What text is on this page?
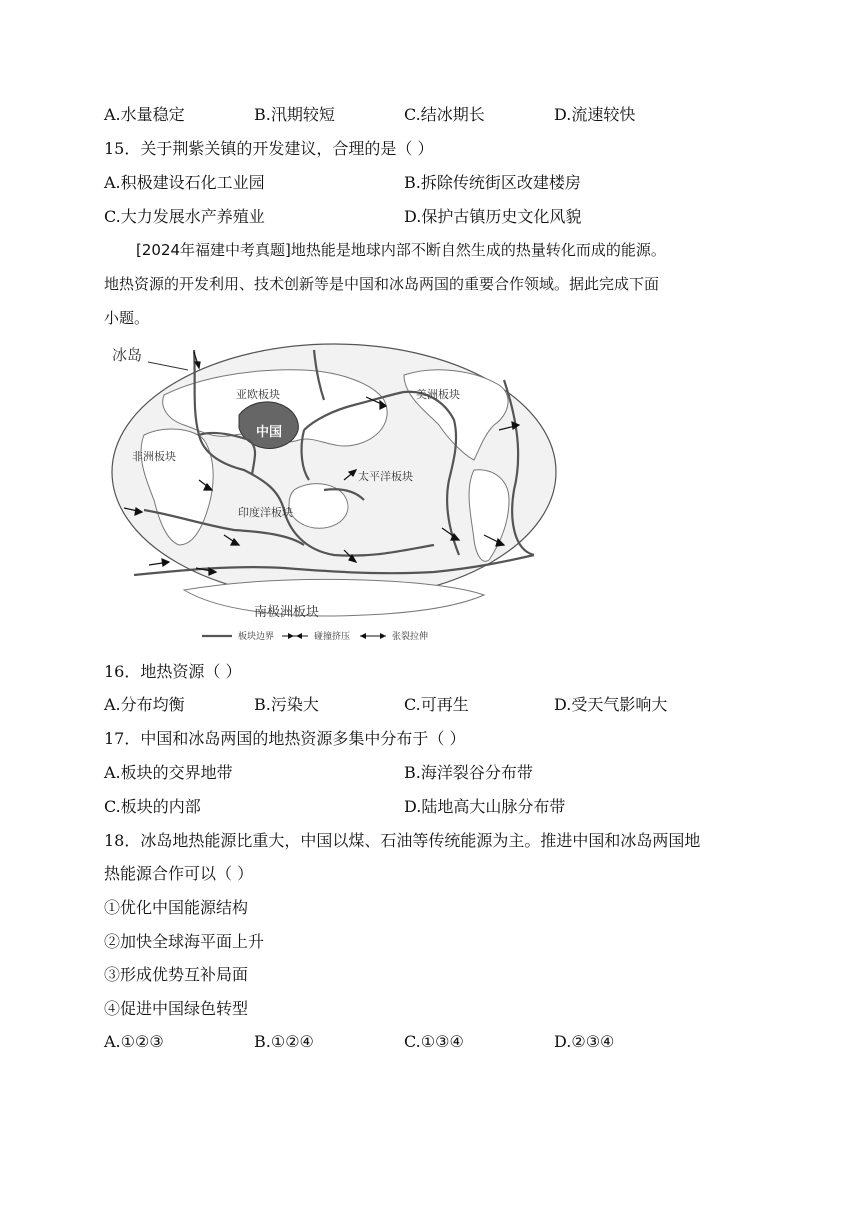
A.水量稳定	B.汛期较短	C.结冰期长	D.流速较快
15．关于荆紫关镇的开发建议，合理的是（ ）
A.积极建设石化工业园	B.拆除传统街区改建楼房
C.大力发展水产养殖业	D.保护古镇历史文化风貌
[2024年福建中考真题]地热能是地球内部不断自然生成的热量转化而成的能源。
地热资源的开发利用、技术创新等是中国和冰岛两国的重要合作领域。据此完成下面
小题。
冰岛
亚欧板块
中国
美洲板块
非洲板块
太平洋板块
印度洋板块
南极洲板块
板块边界	碰撞挤压	张裂拉伸
16．地热资源（ ）
A.分布均衡	B.污染大	C.可再生	D.受天气影响大
17．中国和冰岛两国的地热资源多集中分布于（ ）
A.板块的交界地带	B.海洋裂谷分布带
C.板块的内部	D.陆地高大山脉分布带
18．冰岛地热能源比重大，中国以煤、石油等传统能源为主。推进中国和冰岛两国地
热能源合作可以（ ）
①优化中国能源结构
②加快全球海平面上升
③形成优势互补局面
④促进中国绿色转型
A.①②③	B.①②④	C.①③④	D.②③④
